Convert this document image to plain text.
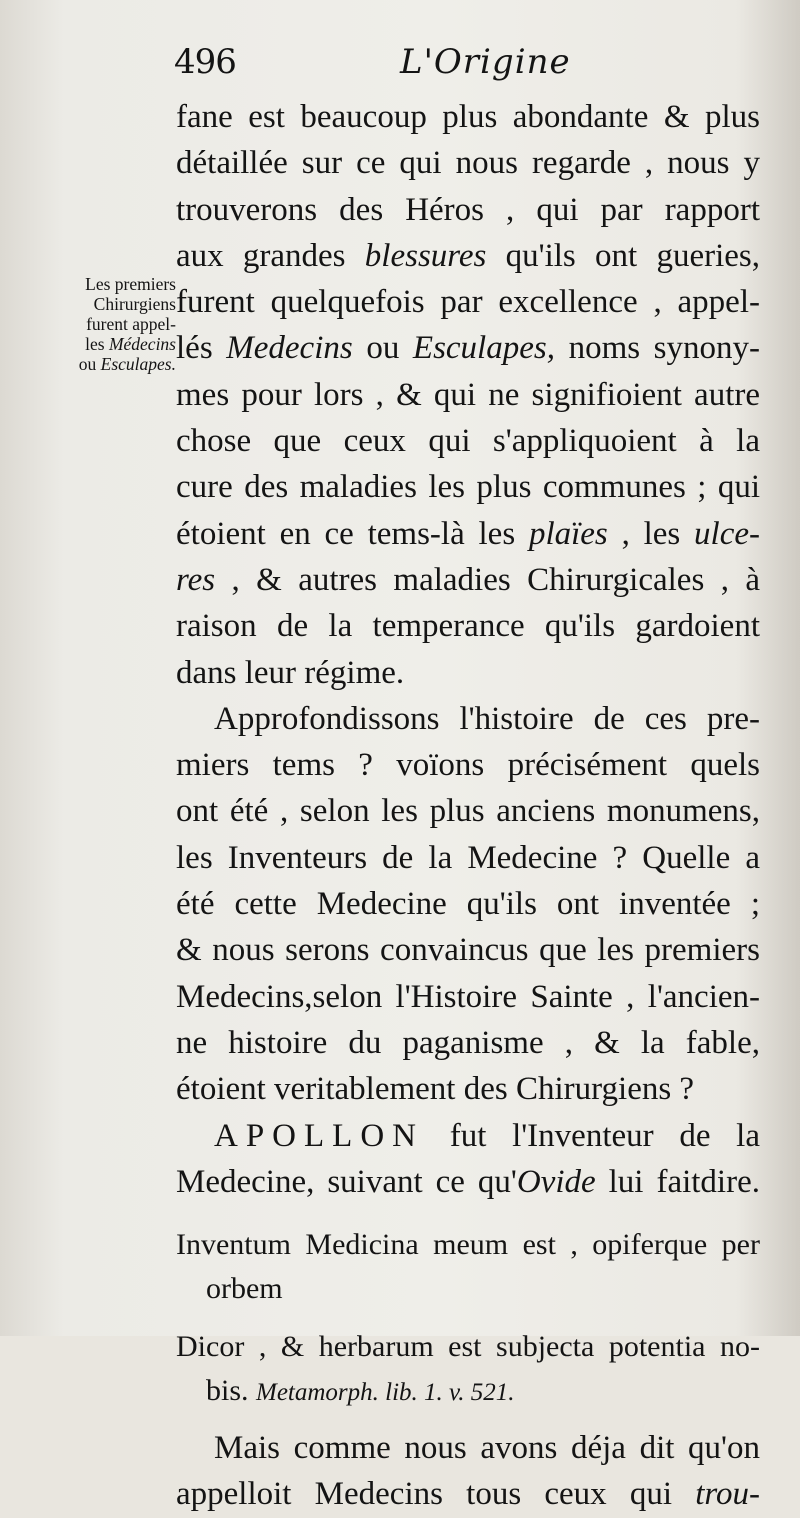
496	L'Origine
Les premiers
Chirurgiens
furent appel-
les Médecins
ou Esculapes.
fane est beaucoup plus abondante & plus
détaillée sur ce qui nous regarde , nous y
trouverons des Héros , qui par rapport
aux grandes blessures qu'ils ont gueries,
furent quelquefois par excellence , appel-
lés Medecins ou Esculapes, noms synony-
mes pour lors , & qui ne signifioient autre
chose que ceux qui s'appliquoient à la
cure des maladies les plus communes ; qui
étoient en ce tems-là les plaïes , les ulce-
res , & autres maladies Chirurgicales , à
raison de la temperance qu'ils gardoient
dans leur régime.
Approfondissons l'histoire de ces pre-
miers tems ? voïons précisément quels
ont été , selon les plus anciens monumens,
les Inventeurs de la Medecine ? Quelle a
été cette Medecine qu'ils ont inventée ;
& nous serons convaincus que les premiers
Medecins,selon l'Histoire Sainte , l'ancien-
ne histoire du paganisme , & la fable,
étoient veritablement des Chirurgiens ?
APOLLON fut l'Inventeur de la
Medecine, suivant ce qu'Ovide lui faitdire.
Inventum Medicina meum est , opiferque per
orbem
Dicor , & herbarum est subjecta potentia no-
bis. Metamorph. lib. 1. v. 521.
Mais comme nous avons déja dit qu'on
appelloit Medecins tous ceux qui trou-
